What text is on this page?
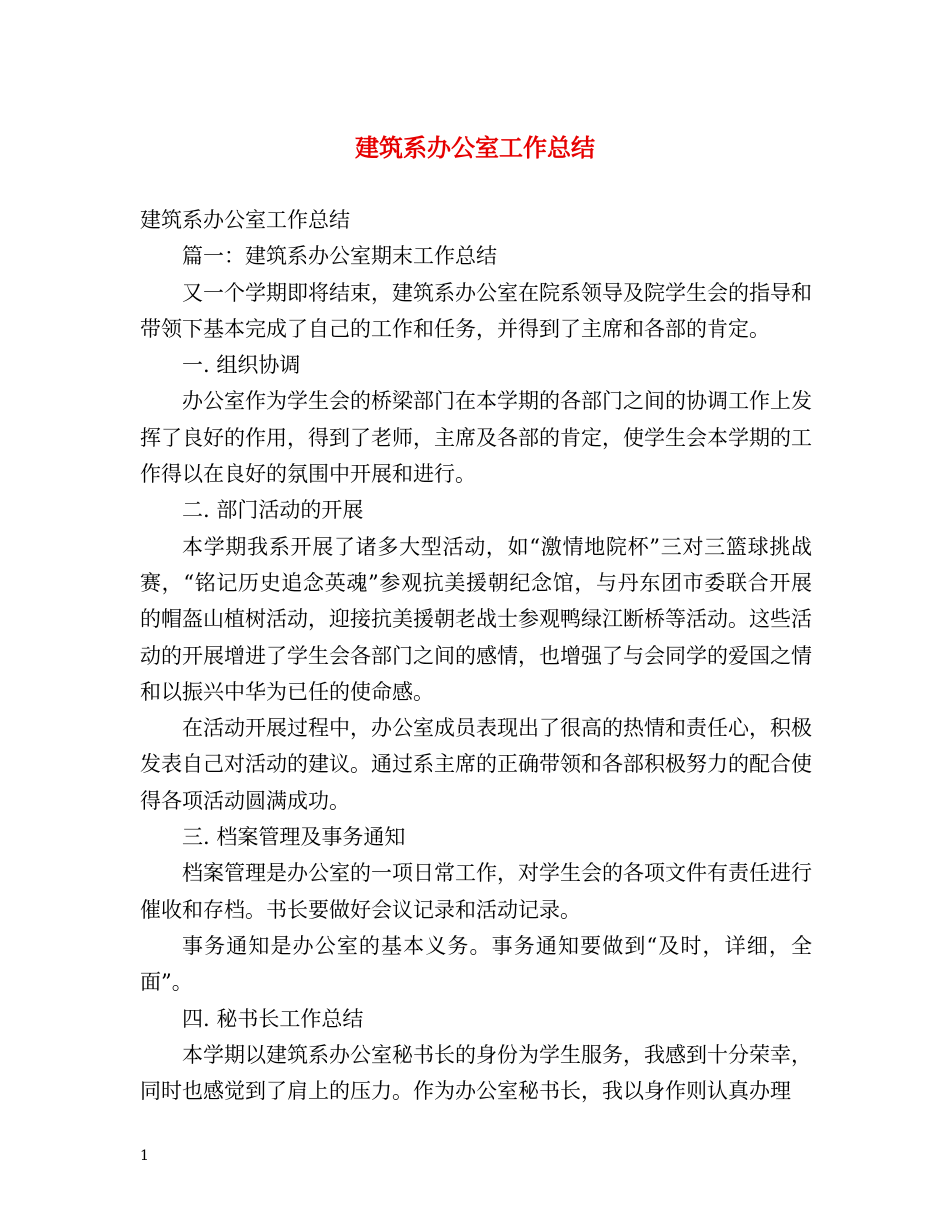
建筑系办公室工作总结

建筑系办公室工作总结

篇一：建筑系办公室期末工作总结

又一个学期即将结束，建筑系办公室在院系领导及院学生会的指导和带领下基本完成了自己的工作和任务，并得到了主席和各部的肯定。

一. 组织协调

办公室作为学生会的桥梁部门在本学期的各部门之间的协调工作上发挥了良好的作用，得到了老师，主席及各部的肯定，使学生会本学期的工作得以在良好的氛围中开展和进行。

二. 部门活动的开展

本学期我系开展了诸多大型活动，如“激情地院杯”三对三篮球挑战赛，“铭记历史追念英魂”参观抗美援朝纪念馆，与丹东团市委联合开展的帽盔山植树活动，迎接抗美援朝老战士参观鸭绿江断桥等活动。这些活动的开展增进了学生会各部门之间的感情，也增强了与会同学的爱国之情和以振兴中华为已任的使命感。

在活动开展过程中，办公室成员表现出了很高的热情和责任心，积极发表自己对活动的建议。通过系主席的正确带领和各部积极努力的配合使得各项活动圆满成功。

三. 档案管理及事务通知

档案管理是办公室的一项日常工作，对学生会的各项文件有责任进行催收和存档。书长要做好会议记录和活动记录。

事务通知是办公室的基本义务。事务通知要做到“及时，详细，全面”。

四. 秘书长工作总结

本学期以建筑系办公室秘书长的身份为学生服务，我感到十分荣幸，同时也感觉到了肩上的压力。作为办公室秘书长，我以身作则认真办理

1
